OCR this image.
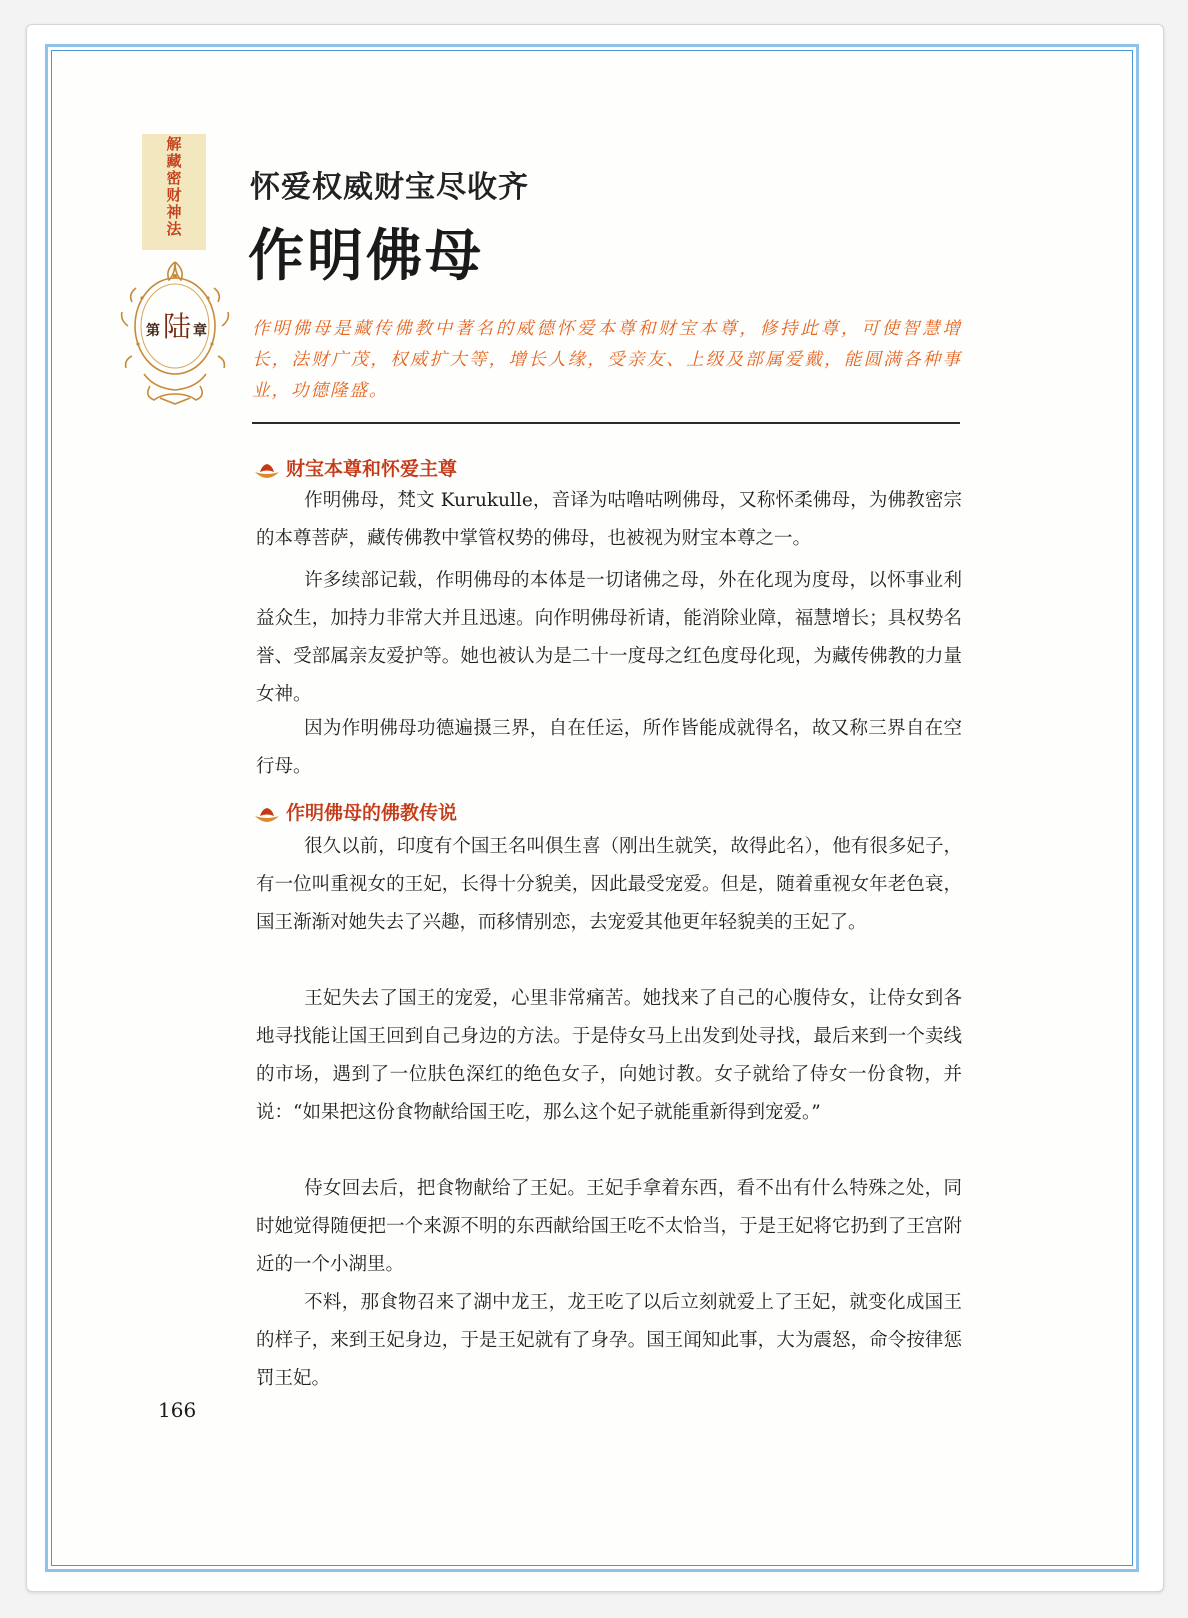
解
藏
密
财
神
法
第 陆 章
怀爱权威财宝尽收齐
作明佛母
作明佛母是藏传佛教中著名的威德怀爱本尊和财宝本尊，修持此尊，可使智慧增长，法财广茂，权威扩大等，增长人缘，受亲友、上级及部属爱戴，能圆满各种事业，功德隆盛。
财宝本尊和怀爱主尊

作明佛母，梵文 Kurukulle，音译为咕噜咕咧佛母，又称怀柔佛母，为佛教密宗的本尊菩萨，藏传佛教中掌管权势的佛母，也被视为财宝本尊之一。

许多续部记载，作明佛母的本体是一切诸佛之母，外在化现为度母，以怀事业利益众生，加持力非常大并且迅速。向作明佛母祈请，能消除业障，福慧增长；具权势名誉、受部属亲友爱护等。她也被认为是二十一度母之红色度母化现，为藏传佛教的力量女神。

因为作明佛母功德遍摄三界，自在任运，所作皆能成就得名，故又称三界自在空行母。

作明佛母的佛教传说

很久以前，印度有个国王名叫俱生喜（刚出生就笑，故得此名），他有很多妃子，有一位叫重视女的王妃，长得十分貌美，因此最受宠爱。但是，随着重视女年老色衰，国王渐渐对她失去了兴趣，而移情别恋，去宠爱其他更年轻貌美的王妃了。

王妃失去了国王的宠爱，心里非常痛苦。她找来了自己的心腹侍女，让侍女到各地寻找能让国王回到自己身边的方法。于是侍女马上出发到处寻找，最后来到一个卖线的市场，遇到了一位肤色深红的绝色女子，向她讨教。女子就给了侍女一份食物，并说：“如果把这份食物献给国王吃，那么这个妃子就能重新得到宠爱。”

侍女回去后，把食物献给了王妃。王妃手拿着东西，看不出有什么特殊之处，同时她觉得随便把一个来源不明的东西献给国王吃不太恰当，于是王妃将它扔到了王宫附近的一个小湖里。

不料，那食物召来了湖中龙王，龙王吃了以后立刻就爱上了王妃，就变化成国王的样子，来到王妃身边，于是王妃就有了身孕。国王闻知此事，大为震怒，命令按律惩罚王妃。

166
